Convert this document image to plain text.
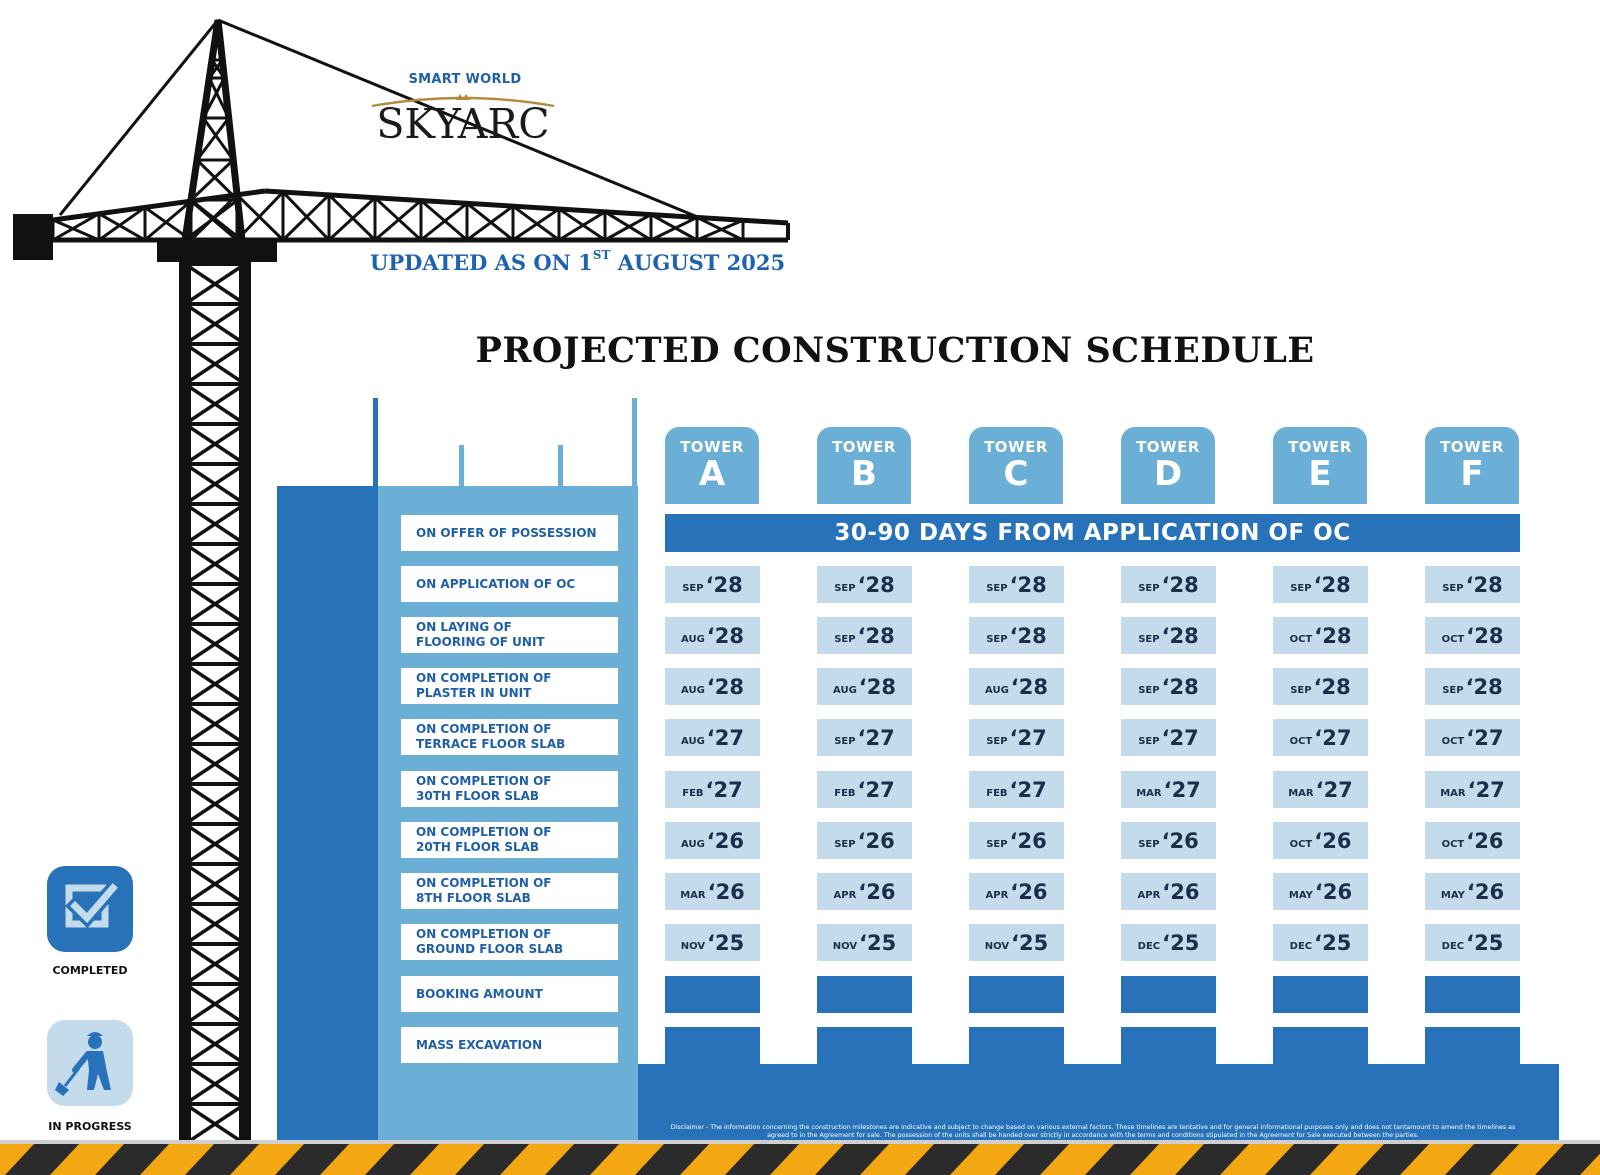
SMART WORLD
SKYARC
UPDATED AS ON 1ST AUGUST 2025
PROJECTED CONSTRUCTION SCHEDULE
TOWER
A
TOWER
B
TOWER
C
TOWER
D
TOWER
E
TOWER
F
30-90 DAYS FROM APPLICATION OF OC
ON OFFER OF POSSESSION
ON APPLICATION OF OC	SEP ‘28	SEP ‘28	SEP ‘28	SEP ‘28	SEP ‘28	SEP ‘28
ON LAYING OF
FLOORING OF UNIT	AUG ‘28	SEP ‘28	SEP ‘28	SEP ‘28	OCT ‘28	OCT ‘28
ON COMPLETION OF
PLASTER IN UNIT	AUG ‘28	AUG ‘28	AUG ‘28	SEP ‘28	SEP ‘28	SEP ‘28
ON COMPLETION OF
TERRACE FLOOR SLAB	AUG ‘27	SEP ‘27	SEP ‘27	SEP ‘27	OCT ‘27	OCT ‘27
ON COMPLETION OF
30TH FLOOR SLAB	FEB ‘27	FEB ‘27	FEB ‘27	MAR ‘27	MAR ‘27	MAR ‘27
ON COMPLETION OF
20TH FLOOR SLAB	AUG ‘26	SEP ‘26	SEP ‘26	SEP ‘26	OCT ‘26	OCT ‘26
ON COMPLETION OF
8TH FLOOR SLAB	MAR ‘26	APR ‘26	APR ‘26	APR ‘26	MAY ‘26	MAY ‘26
ON COMPLETION OF
GROUND FLOOR SLAB	NOV ‘25	NOV ‘25	NOV ‘25	DEC ‘25	DEC ‘25	DEC ‘25
BOOKING AMOUNT
MASS EXCAVATION
COMPLETED
IN PROGRESS	Disclaimer - The information concerning the construction milestones are indicative and subject to change based on various external factors. These timelines are tentative and for general informational purposes only and does not tantamount to amend the timelines as agreed to in the Agreement for sale. The possession of the units shall be handed over strictly in accordance with the terms and conditions stipulated in the Agreement for Sale executed between the parties.
